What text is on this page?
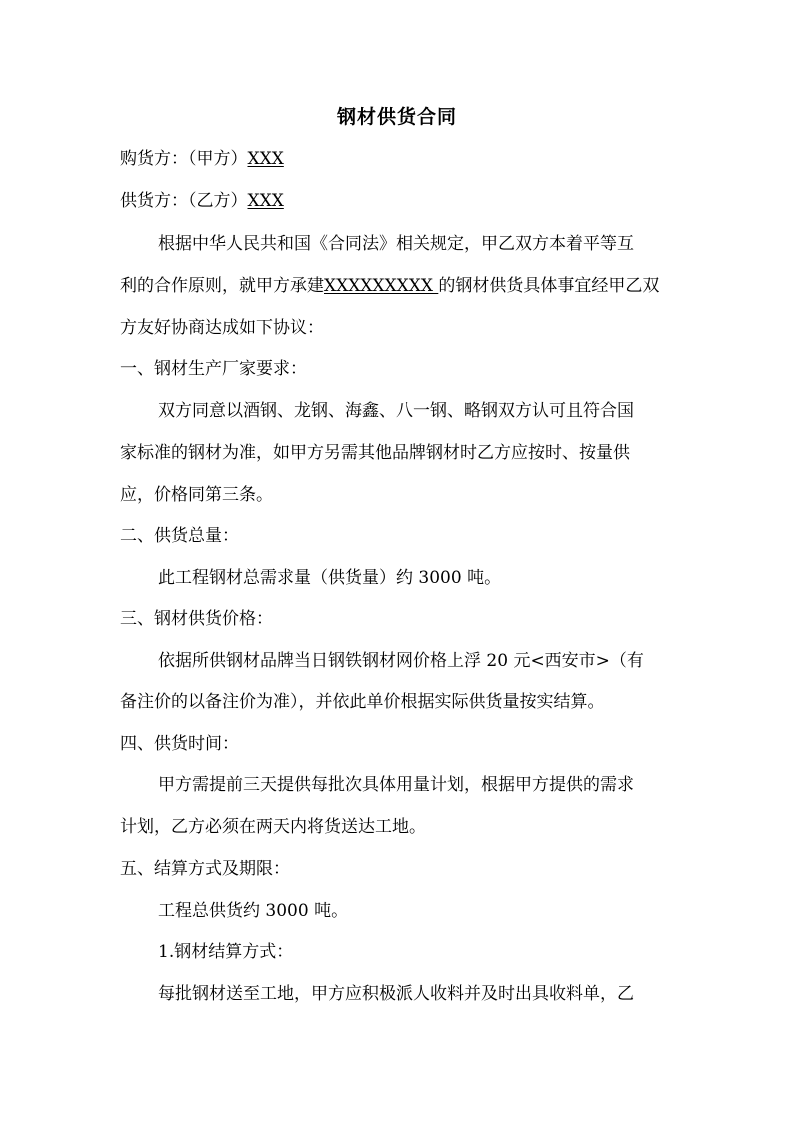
钢材供货合同
购货方：（甲方）XXX
供货方：（乙方）XXX
根据中华人民共和国《合同法》相关规定，甲乙双方本着平等互
利的合作原则，就甲方承建XXXXXXXXX 的钢材供货具体事宜经甲乙双
方友好协商达成如下协议：
一、钢材生产厂家要求：
双方同意以酒钢、龙钢、海鑫、八一钢、略钢双方认可且符合国
家标准的钢材为准，如甲方另需其他品牌钢材时乙方应按时、按量供
应，价格同第三条。
二、供货总量：
此工程钢材总需求量（供货量）约 3000 吨。
三、钢材供货价格：
依据所供钢材品牌当日钢铁钢材网价格上浮 20 元<西安市>（有
备注价的以备注价为准），并依此单价根据实际供货量按实结算。
四、供货时间：
甲方需提前三天提供每批次具体用量计划，根据甲方提供的需求
计划，乙方必须在两天内将货送达工地。
五、结算方式及期限：
工程总供货约 3000 吨。
1.钢材结算方式：
每批钢材送至工地，甲方应积极派人收料并及时出具收料单，乙
